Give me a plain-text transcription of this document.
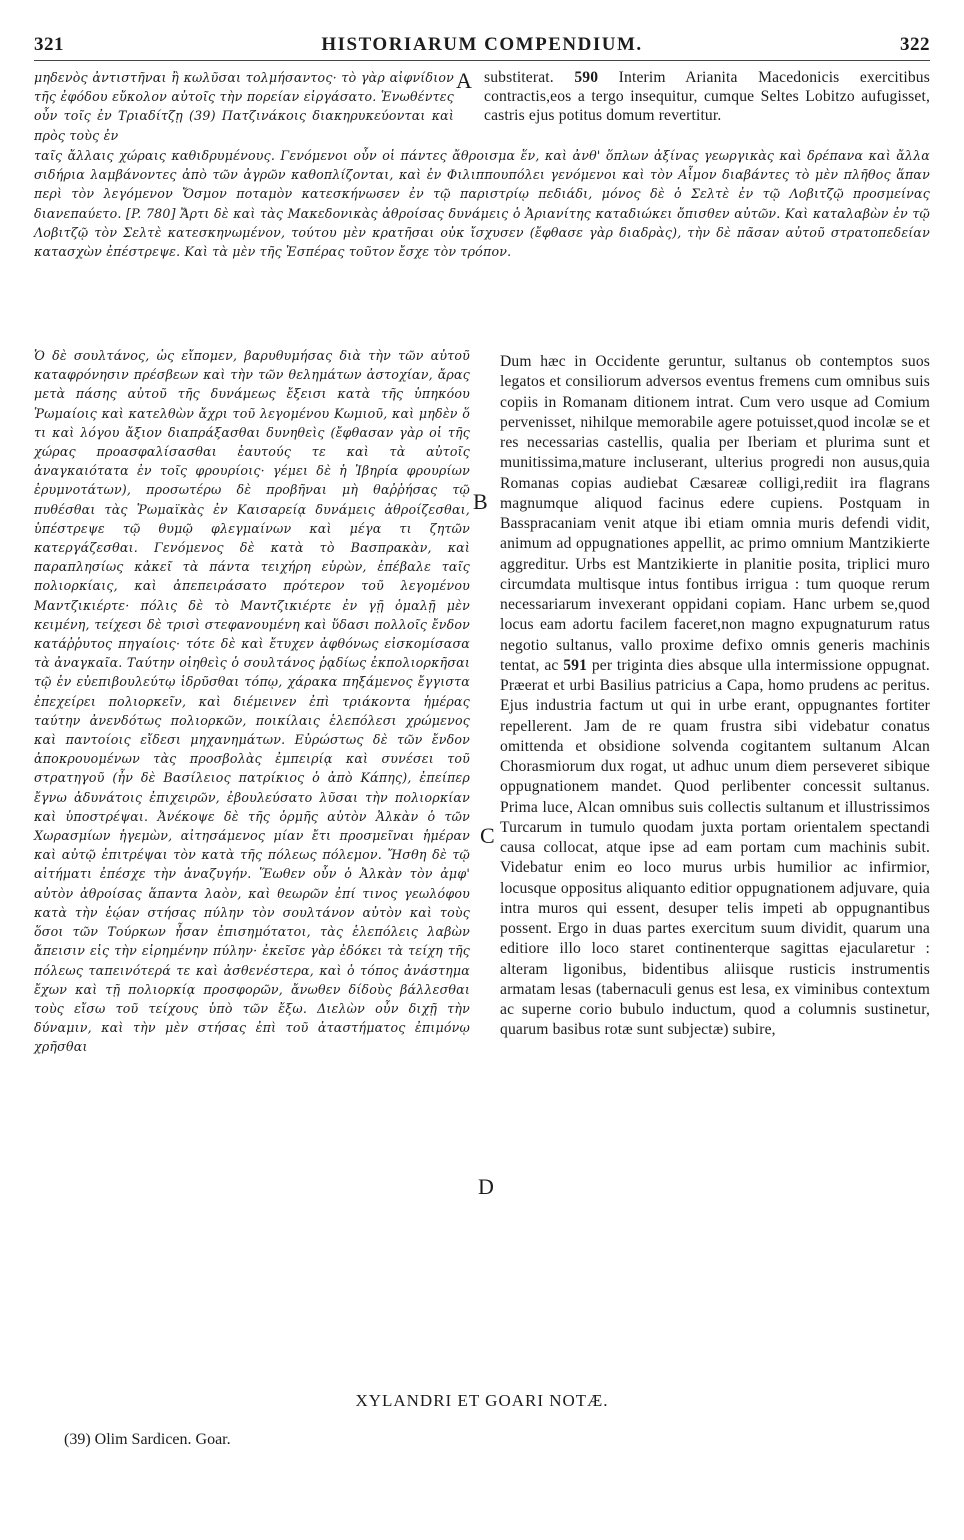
321	HISTORIARUM COMPENDIUM.	322
μηδενὸς ἀντιστῆναι ἢ κωλῦσαι τολμήσαντος· τὸ γὰρ αἰφνίδιον τῆς ἐφόδου εὔκολον αὐτοῖς τὴν πορείαν εἰργάσατο. Ἑνωθέντες οὖν τοῖς ἐν Τριαδίτζῃ (39) Πατζινάκοις διακηρυκεύονται καὶ πρὸς τοὺς ἐν
substiterat. 590 Interim Arianita Macedonicis exercitibus contractis,eos a tergo insequitur, cumque Seltes Lobitzo aufugisset, castris ejus potitus domum revertitur.
ταῖς ἄλλαις χώραις καθιδρυμένους. Γενόμενοι οὖν οἱ πάντες ἄθροισμα ἕν, καὶ ἀνθ' ὅπλων ἀξίνας γεωργικὰς καὶ δρέπανα καὶ ἄλλα σιδήρια λαμβάνοντες ἀπὸ τῶν ἀγρῶν καθοπλίζονται, καὶ ἐν Φιλιππουπόλει γενόμενοι καὶ τὸν Αἶμον διαβάντες τὸ μὲν πλῆθος ἅπαν περὶ τὸν λεγόμενον Ὄσμον ποταμὸν κατεσκήνωσεν ἐν τῷ παριστρίῳ πεδιάδι, μόνος δὲ ὁ Σελτὲ ἐν τῷ Λοβιτζῷ προσμείνας διανεπαύετο. [P. 780] Ἄρτι δὲ καὶ τὰς Μακεδονικὰς ἀθροίσας δυνάμεις ὁ Ἀριανίτης καταδιώκει ὄπισθεν αὐτῶν. Καὶ καταλαβὼν ἐν τῷ Λοβιτζῷ τὸν Σελτὲ κατεσκηνωμένον, τούτου μὲν κρατῆσαι οὐκ ἴσχυσεν (ἔφθασε γὰρ διαδρὰς), τὴν δὲ πᾶσαν αὐτοῦ στρατοπεδείαν κατασχὼν ἐπέστρεψε. Καὶ τὰ μὲν τῆς Ἑσπέρας τοῦτον ἔσχε τὸν τρόπον.
Ὁ δὲ σουλτάνος, ὡς εἴπομεν, βαρυθυμήσας διὰ τὴν τῶν αὐτοῦ καταφρόνησιν πρέσβεων καὶ τὴν τῶν θελημάτων ἀστοχίαν, ἄρας μετὰ πάσης αὐτοῦ τῆς δυνάμεως ἔξεισι κατὰ τῆς ὑπηκόου Ῥωμαίοις καὶ κατελθὼν ἄχρι τοῦ λεγομένου Κωμιοῦ, καὶ μηδὲν ὅ τι καὶ λόγου ἄξιον διαπράξασθαι δυνηθεὶς (ἔφθασαν γὰρ οἱ τῆς χώρας προασφαλίσασθαι ἑαυτούς τε καὶ τὰ αὐτοῖς ἀναγκαιότατα ἐν τοῖς φρουρίοις· γέμει δὲ ἡ Ἰβηρία φρουρίων ἐρυμνοτάτων), προσωτέρω δὲ προβῆναι μὴ θαῤῥήσας τῷ πυθέσθαι τὰς Ῥωμαϊκὰς ἐν Καισαρείᾳ δυνάμεις ἀθροίζεσθαι, ὑπέστρεψε τῷ θυμῷ φλεγμαίνων καὶ μέγα τι ζητῶν κατεργάζεσθαι. Γενόμενος δὲ κατὰ τὸ Βασπρακὰν, καὶ παραπλησίως κἀκεῖ τὰ πάντα τειχήρη εὑρὼν, ἐπέβαλε ταῖς πολιορκίαις, καὶ ἀπεπειράσατο πρότερον τοῦ λεγομένου Μαντζικιέρτε· πόλις δὲ τὸ Μαντζικιέρτε ἐν γῇ ὁμαλῇ μὲν κειμένη, τείχεσι δὲ τρισὶ στεφανουμένη καὶ ὕδασι πολλοῖς ἔνδον κατάῤῥυτος πηγαίοις· τότε δὲ καὶ ἔτυχεν ἀφθόνως εἰσκομίσασα τὰ ἀναγκαῖα. Ταύτην οἰηθεὶς ὁ σουλτάνος ῥᾳδίως ἐκπολιορκῆσαι τῷ ἐν εὐεπιβουλεύτῳ ἱδρῦσθαι τόπῳ, χάρακα πηξάμενος ἔγγιστα ἐπεχείρει πολιορκεῖν, καὶ διέμεινεν ἐπὶ τριάκοντα ἡμέρας ταύτην ἀνενδότως πολιορκῶν, ποικίλαις ἑλεπόλεσι χρώμενος καὶ παντοίοις εἴδεσι μηχανημάτων. Εὐρώστως δὲ τῶν ἔνδον ἀποκρουομένων τὰς προσβολὰς ἐμπειρίᾳ καὶ συνέσει τοῦ στρατηγοῦ (ἦν δὲ Βασίλειος πατρίκιος ὁ ἀπὸ Κάπης), ἐπείπερ ἔγνω ἀδυνάτοις ἐπιχειρῶν, ἐβουλεύσατο λῦσαι τὴν πολιορκίαν καὶ ὑποστρέψαι. Ἀνέκοψε δὲ τῆς ὁρμῆς αὐτὸν Ἀλκὰν ὁ τῶν Χωρασμίων ἡγεμὼν, αἰτησάμενος μίαν ἔτι προσμεῖναι ἡμέραν καὶ αὐτῷ ἐπιτρέψαι τὸν κατὰ τῆς πόλεως πόλεμον. Ἤσθη δὲ τῷ αἰτήματι ἐπέσχε τὴν ἀναζυγήν. Ἕωθεν οὖν ὁ Ἀλκὰν τὸν ἀμφ' αὐτὸν ἀθροίσας ἅπαντα λαὸν, καὶ θεωρῶν ἐπί τινος γεωλόφου κατὰ τὴν ἑῴαν στήσας πύλην τὸν σουλτάνον αὐτὸν καὶ τοὺς ὅσοι τῶν Τούρκων ἦσαν ἐπισημότατοι, τὰς ἑλεπόλεις λαβὼν ἄπεισιν εἰς τὴν εἰρημένην πύλην· ἐκεῖσε γὰρ ἐδόκει τὰ τείχη τῆς πόλεως ταπεινότερά τε καὶ ἀσθενέστερα, καὶ ὁ τόπος ἀνάστημα ἔχων καὶ τῇ πολιορκίᾳ προσφορῶν, ἄνωθεν δίδοὺς βάλλεσθαι τοὺς εἴσω τοῦ τείχους ὑπὸ τῶν ἔξω. Διελὼν οὖν διχῇ τὴν δύναμιν, καὶ τὴν μὲν στήσας ἐπὶ τοῦ ἀταστήματος ἐπιμόνῳ χρῆσθαι
Dum hæc in Occidente geruntur, sultanus ob contemptos suos legatos et consiliorum adversos eventus fremens cum omnibus suis copiis in Romanam ditionem intrat. Cum vero usque ad Comium pervenisset, nihilque memorabile agere potuisset,quod incolæ se et res necessarias castellis, qualia per Iberiam et plurima sunt et munitissima,mature incluserant, ulterius progredi non ausus,quia Romanas copias audiebat Cæsareæ colligi,rediit ira flagrans magnumque aliquod facinus edere cupiens. Postquam in Basspracaniam venit atque ibi etiam omnia muris defendi vidit, animum ad oppugnationes appellit, ac primo omnium Mantzikierte aggreditur. Urbs est Mantzikierte in planitie posita, triplici muro circumdata multisque intus fontibus irrigua : tum quoque rerum necessariarum invexerant oppidani copiam. Hanc urbem se,quod locus eam adortu facilem faceret,non magno expugnaturum ratus negotio sultanus, vallo proxime defixo omnis generis machinis tentat, ac 591 per triginta dies absque ulla intermissione oppugnat. Præerat et urbi Basilius patricius a Capa, homo prudens ac peritus. Ejus industria factum ut qui in urbe erant, oppugnantes fortiter repellerent. Jam de re quam frustra sibi videbatur conatus omittenda et obsidione solvenda cogitantem sultanum Alcan Chorasmiorum dux rogat, ut adhuc unum diem perseveret sibique oppugnationem mandet. Quod perlibenter concessit sultanus. Prima luce, Alcan omnibus suis collectis sultanum et illustrissimos Turcarum in tumulo quodam juxta portam orientalem spectandi causa collocat, atque ipse ad eam portam cum machinis subit. Videbatur enim eo loco murus urbis humilior ac infirmior, locusque oppositus aliquanto editior oppugnationem adjuvare, quia intra muros qui essent, desuper telis impeti ab oppugnantibus possent. Ergo in duas partes exercitum suum dividit, quarum una editiore illo loco staret continenterque sagittas ejacularetur : alteram ligonibus, bidentibus aliisque rusticis instrumentis armatam lesas (tabernaculi genus est lesa, ex viminibus contextum ac superne corio bubulo inductum, quod a columnis sustinetur, quarum basibus rotæ sunt subjectæ) subire,
A
B
C
D
XYLANDRI ET GOARI NOTÆ.
(39) Olim Sardicen. Goar.
